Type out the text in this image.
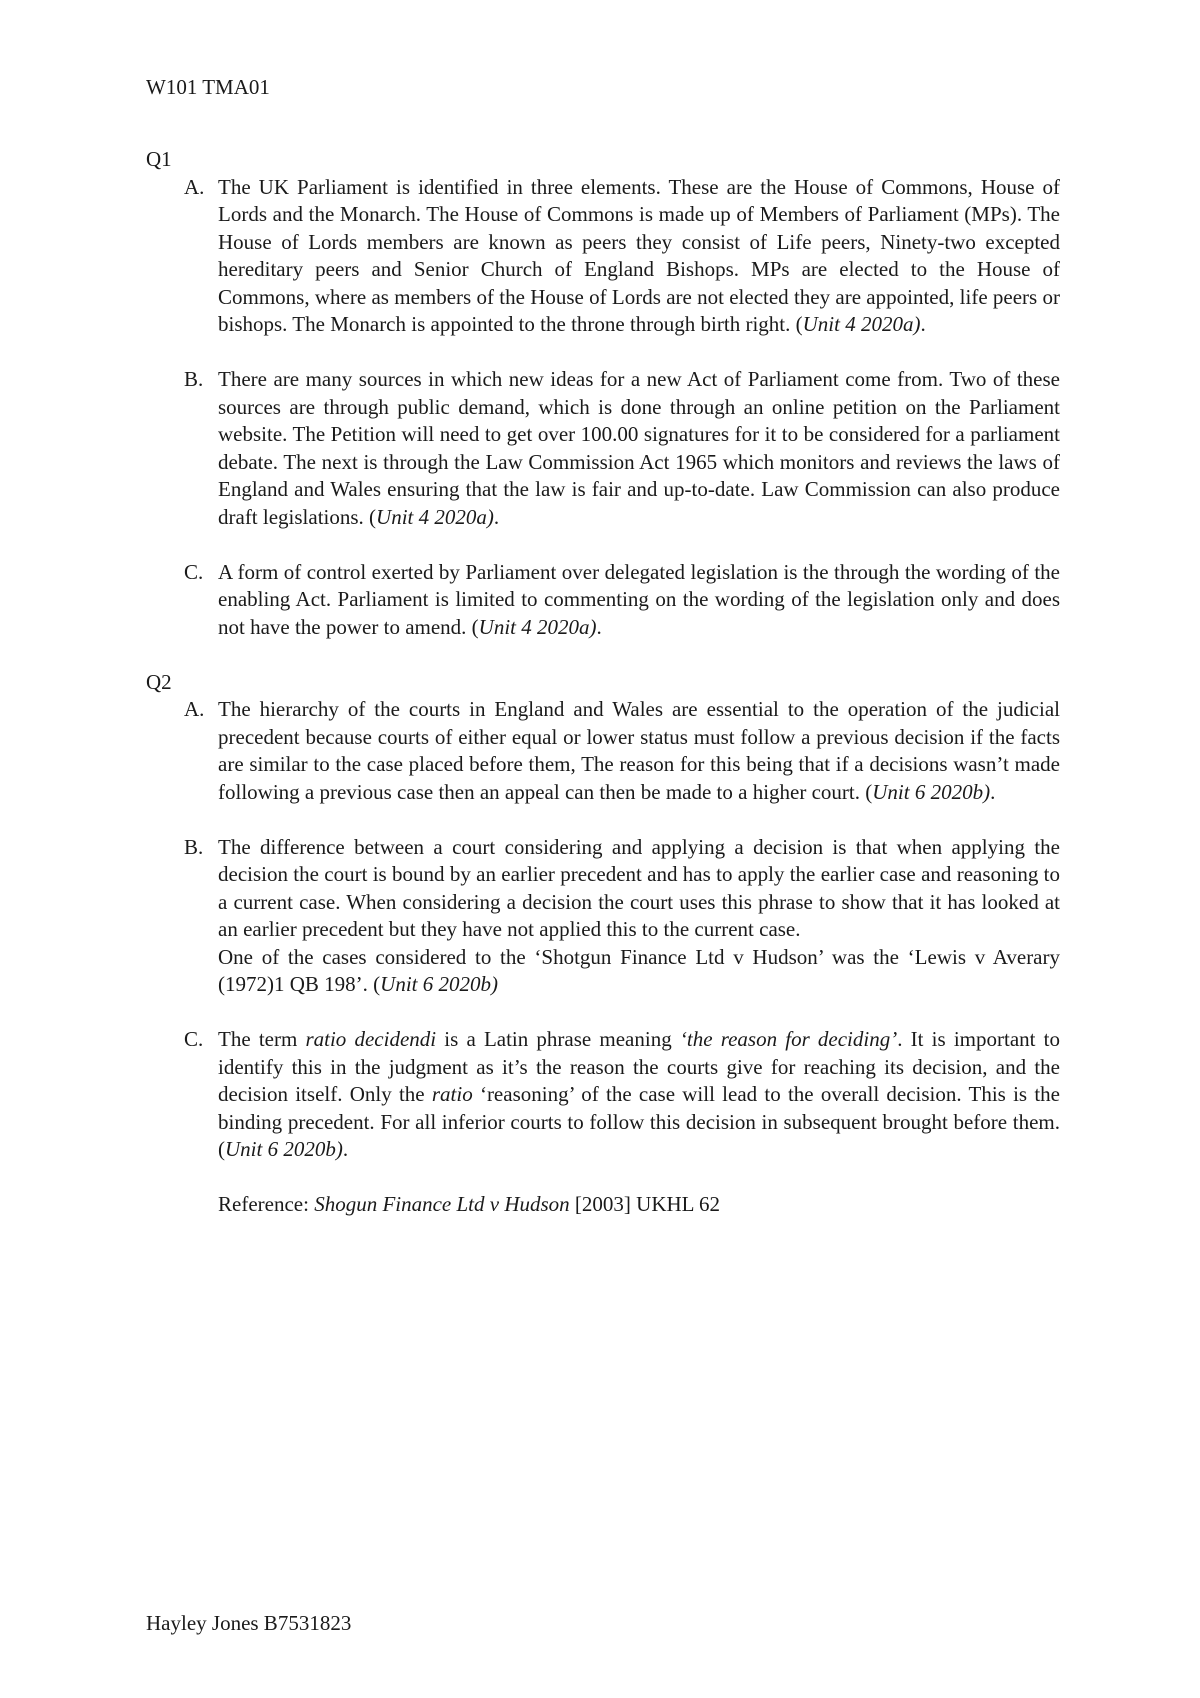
W101 TMA01
Q1
A. The UK Parliament is identified in three elements. These are the House of Commons, House of Lords and the Monarch. The House of Commons is made up of Members of Parliament (MPs). The House of Lords members are known as peers they consist of Life peers, Ninety-two excepted hereditary peers and Senior Church of England Bishops. MPs are elected to the House of Commons, where as members of the House of Lords are not elected they are appointed, life peers or bishops. The Monarch is appointed to the throne through birth right. (Unit 4 2020a).

B. There are many sources in which new ideas for a new Act of Parliament come from. Two of these sources are through public demand, which is done through an online petition on the Parliament website. The Petition will need to get over 100.00 signatures for it to be considered for a parliament debate. The next is through the Law Commission Act 1965 which monitors and reviews the laws of England and Wales ensuring that the law is fair and up-to-date. Law Commission can also produce draft legislations. (Unit 4 2020a).

C. A form of control exerted by Parliament over delegated legislation is the through the wording of the enabling Act. Parliament is limited to commenting on the wording of the legislation only and does not have the power to amend. (Unit 4 2020a).

Q2
A. The hierarchy of the courts in England and Wales are essential to the operation of the judicial precedent because courts of either equal or lower status must follow a previous decision if the facts are similar to the case placed before them, The reason for this being that if a decisions wasn’t made following a previous case then an appeal can then be made to a higher court. (Unit 6 2020b).

B. The difference between a court considering and applying a decision is that when applying the decision the court is bound by an earlier precedent and has to apply the earlier case and reasoning to a current case. When considering a decision the court uses this phrase to show that it has looked at an earlier precedent but they have not applied this to the current case.

One of the cases considered to the ‘Shotgun Finance Ltd v Hudson’ was the ‘Lewis v Averary (1972)1 QB 198’. (Unit 6 2020b)

C. The term ratio decidendi is a Latin phrase meaning ‘the reason for deciding’. It is important to identify this in the judgment as it’s the reason the courts give for reaching its decision, and the decision itself. Only the ratio ‘reasoning’ of the case will lead to the overall decision. This is the binding precedent. For all inferior courts to follow this decision in subsequent brought before them. (Unit 6 2020b).

Reference: Shogun Finance Ltd v Hudson [2003] UKHL 62

Hayley Jones B7531823
